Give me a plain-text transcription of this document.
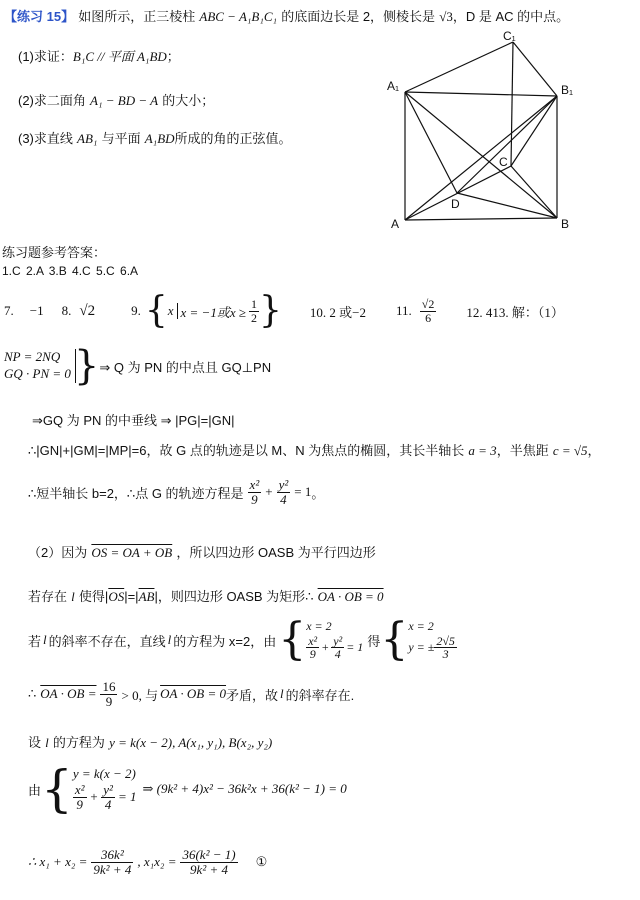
【练习 15】 如图所示，正三棱柱 ABC − A₁B₁C₁ 的底面边长是 2，侧棱长是 √3，D 是 AC 的中点。
(1)求证：B₁C // 平面 A₁BD；
(2)求二面角 A₁ − BD − A 的大小；
(3)求直线 AB₁ 与平面 A₁BD所成的角的正弦值。
C₁
A₁	B₁
C
D
A	B
练习题参考答案：
1.C 2.A 3.B 4.C 5.C 6.A
7. −1 8. √2	9. { x x = −1或$x \ge \frac{1}{2}$ } 10. 2 或−2 11. $\frac{√2}{6} 12$. 413. 解：（1）
NP = 2NQ
GQ · PN = 0 } ⇒ Q 为 PN 的中点且 GQ⊥PN
⇒GQ 为 PN 的中垂线 ⇒ |PG|=|GN|
∴|GN|+|GM|=|MP|=6，故 G 点的轨迹是以 M、N 为焦点的椭圆，其长半轴长 a = 3，半焦距 c = √5，
∴短半轴长 b=2，∴点 G 的轨迹方程是 $\frac{\text{x²}}{9} + \frac{\text{y²}}{4} = 1$ 。
（2）因为 OS = OA + OB ，所以四边形 OASB 为平行四边形
若存在 l 使得$|\overline{OS}|=|\overline{AB}|$，则四边形 OASB 为矩形∴ OA · OB = 0
若 l 的斜率不存在，直线 l 的方程为 x=2，由 { x = 2
$\frac{\text{x²}}{9} + \frac{\text{y²}}{4} = 1$ 得 { x = 2
y = ± $\frac{2√5}{3}$
∴ OA · OB = $\frac{16}{9} > 0$, 与 OA · OB = 0 矛盾，故 l 的斜率存在.
设 l 的方程为 y = k(x − 2), A(x₁, y₁), B(x₂, y₂)
由 { y = k(x − 2)
$\frac{\text{x²}}{9} + \frac{\text{y²}}{4} = 1$
⇒ (9k² + 4)x² − 36k²x + 36(k² − 1) = 0
∴ $x_1 + x_2 = \frac{\text{36k²}}{\text{9k² + 4}}$ , $x_1x_2 = \frac{\text{36(k² − 1)}}{\text{9k² + 4}}$ ①
